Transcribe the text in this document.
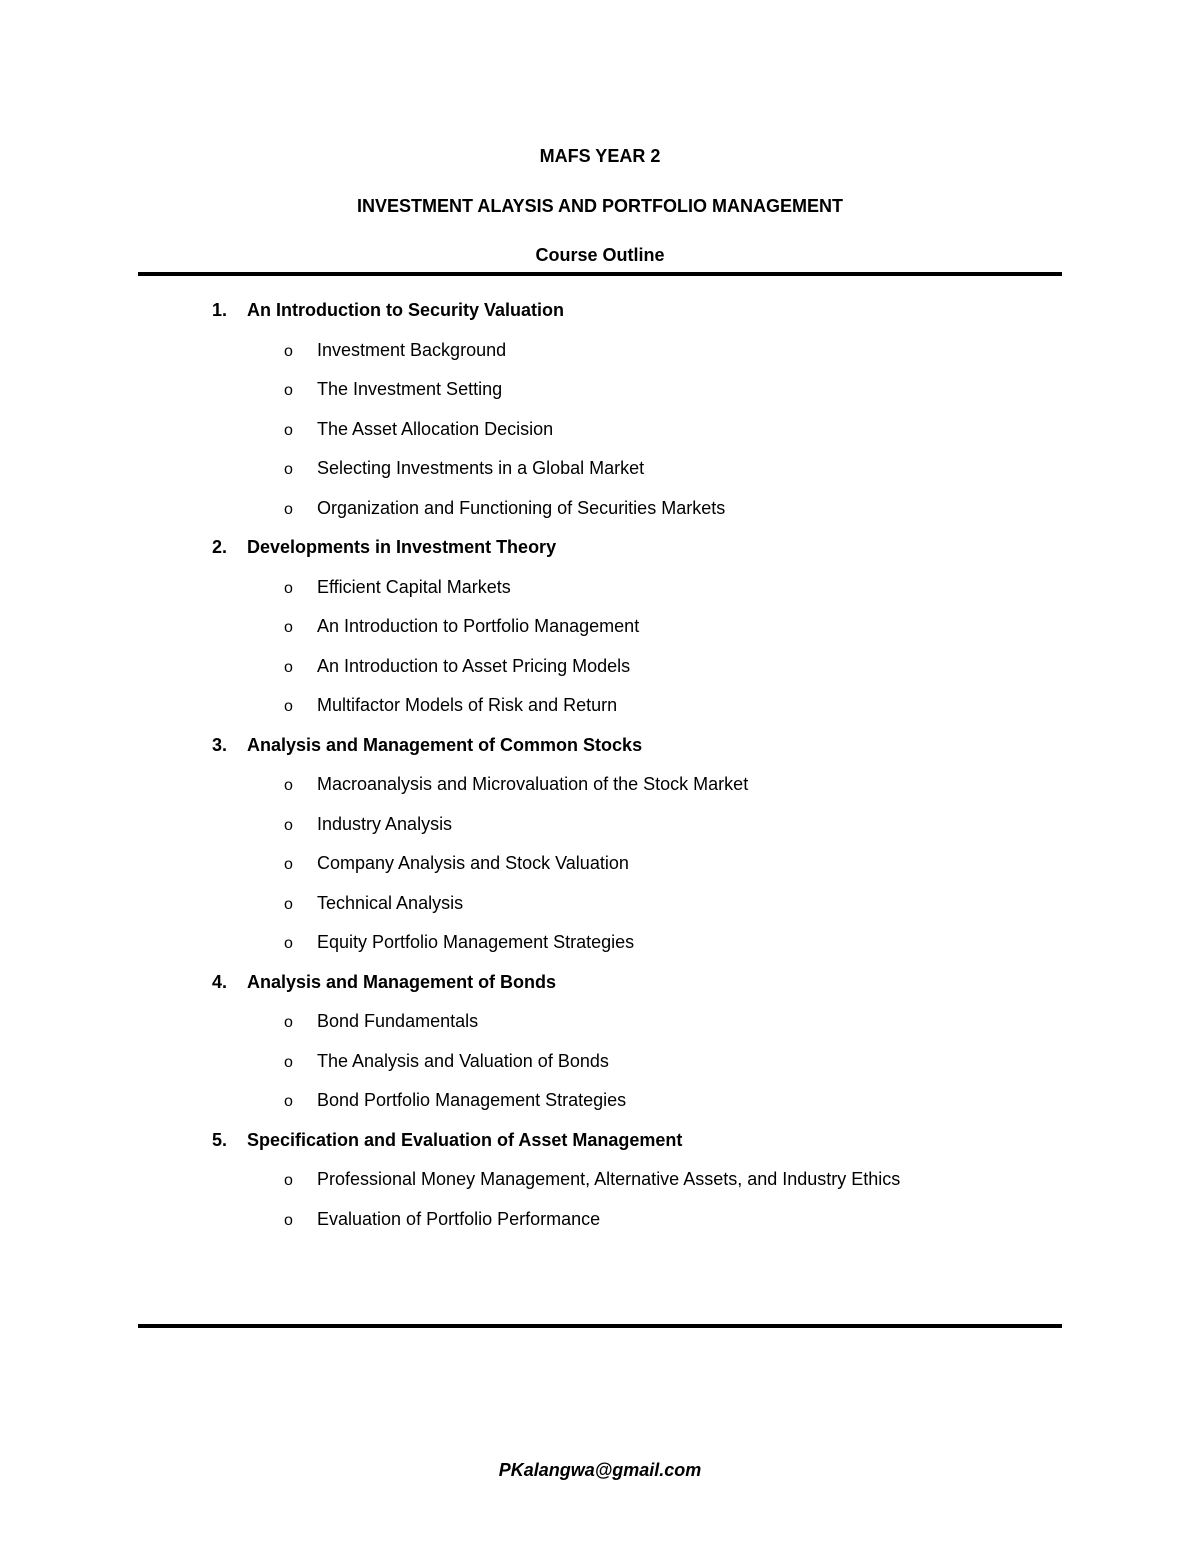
MAFS YEAR 2
INVESTMENT ALAYSIS AND PORTFOLIO MANAGEMENT
Course Outline
1. An Introduction to Security Valuation
o Investment Background
o The Investment Setting
o The Asset Allocation Decision
o Selecting Investments in a Global Market
o Organization and Functioning of Securities Markets
2. Developments in Investment Theory
o Efficient Capital Markets
o An Introduction to Portfolio Management
o An Introduction to Asset Pricing Models
o Multifactor Models of Risk and Return
3. Analysis and Management of Common Stocks
o Macroanalysis and Microvaluation of the Stock Market
o Industry Analysis
o Company Analysis and Stock Valuation
o Technical Analysis
o Equity Portfolio Management Strategies
4. Analysis and Management of Bonds
o Bond Fundamentals
o The Analysis and Valuation of Bonds
o Bond Portfolio Management Strategies
5. Specification and Evaluation of Asset Management
o Professional Money Management, Alternative Assets, and Industry Ethics
o Evaluation of Portfolio Performance
PKalangwa@gmail.com
